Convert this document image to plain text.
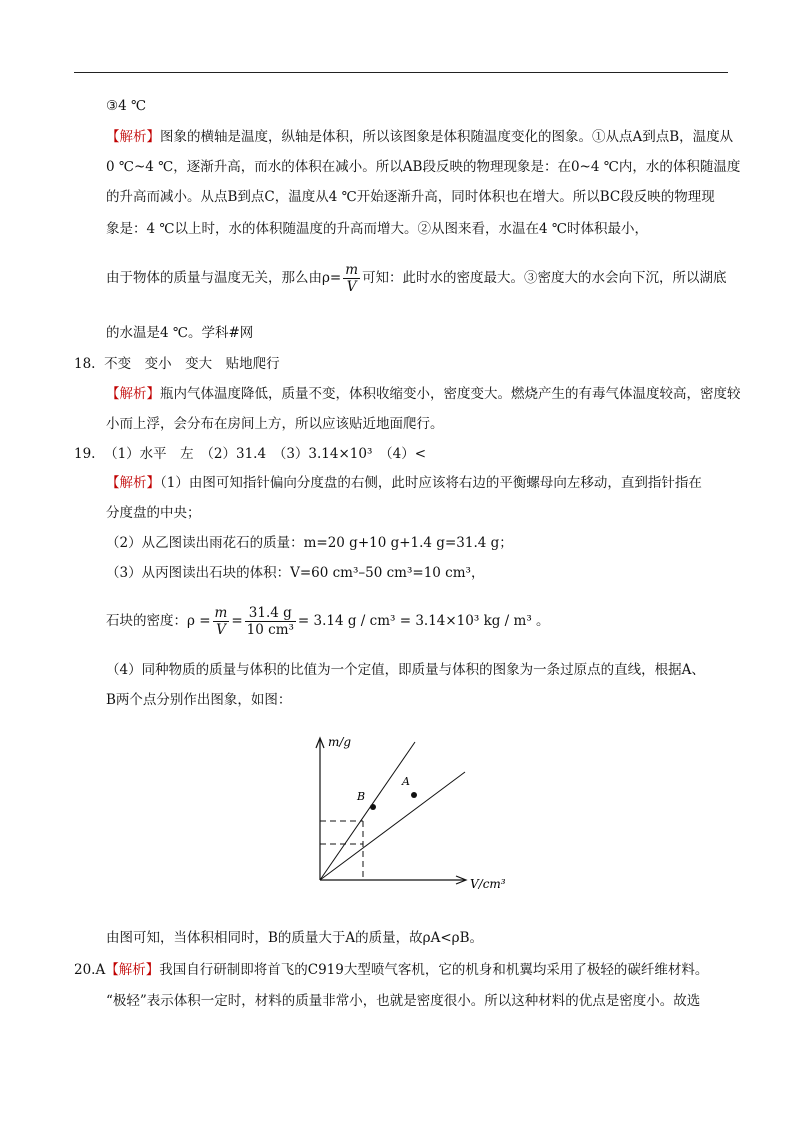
③4 ℃
【解析】图象的横轴是温度，纵轴是体积，所以该图象是体积随温度变化的图象。①从点A到点B，温度从
0 ℃~4 ℃，逐渐升高，而水的体积在减小。所以AB段反映的物理现象是：在0~4 ℃内，水的体积随温度
的升高而减小。从点B到点C，温度从4 ℃开始逐渐升高，同时体积也在增大。所以BC段反映的物理现
象是：4 ℃以上时，水的体积随温度的升高而增大。②从图来看，水温在4 ℃时体积最小，
由于物体的质量与温度无关，那么由$\rho= \frac{m}{V}$ 可知：此时水的密度最大。③密度大的水会向下沉，所以湖底
的水温是4 ℃。学科#网
18. 不变　变小　变大　贴地爬行
【解析】瓶内气体温度降低，质量不变，体积收缩变小，密度变大。燃烧产生的有毒气体温度较高，密度较
小而上浮，会分布在房间上方，所以应该贴近地面爬行。
19. （1）水平　左　（2）31.4　（3）3.14×10³　（4）<
【解析】（1）由图可知指针偏向分度盘的右侧，此时应该将右边的平衡螺母向左移动，直到指针指在
分度盘的中央；
（2）从乙图读出雨花石的质量：m=20 g+10 g+1.4 g=31.4 g；
（3）从丙图读出石块的体积：V=60 cm³–50 cm³=10 cm³，
石块的密度：$\rho = \frac{m}{V} = \frac{31.4 g}{\text{10 cm³}} = 3.14$ g / cm³ = 3.14×10³ kg / m³ 。
（4）同种物质的质量与体积的比值为一个定值，即质量与体积的图象为一条过原点的直线，根据A、
B两个点分别作出图象，如图：
m/g
V/cm³
B
A
由图可知，当体积相同时，B的质量大于A的质量，故ρA<ρB。
20.A【解析】我国自行研制即将首飞的C919大型喷气客机，它的机身和机翼均采用了极轻的碳纤维材料。
“极轻”表示体积一定时，材料的质量非常小，也就是密度很小。所以这种材料的优点是密度小。故选
